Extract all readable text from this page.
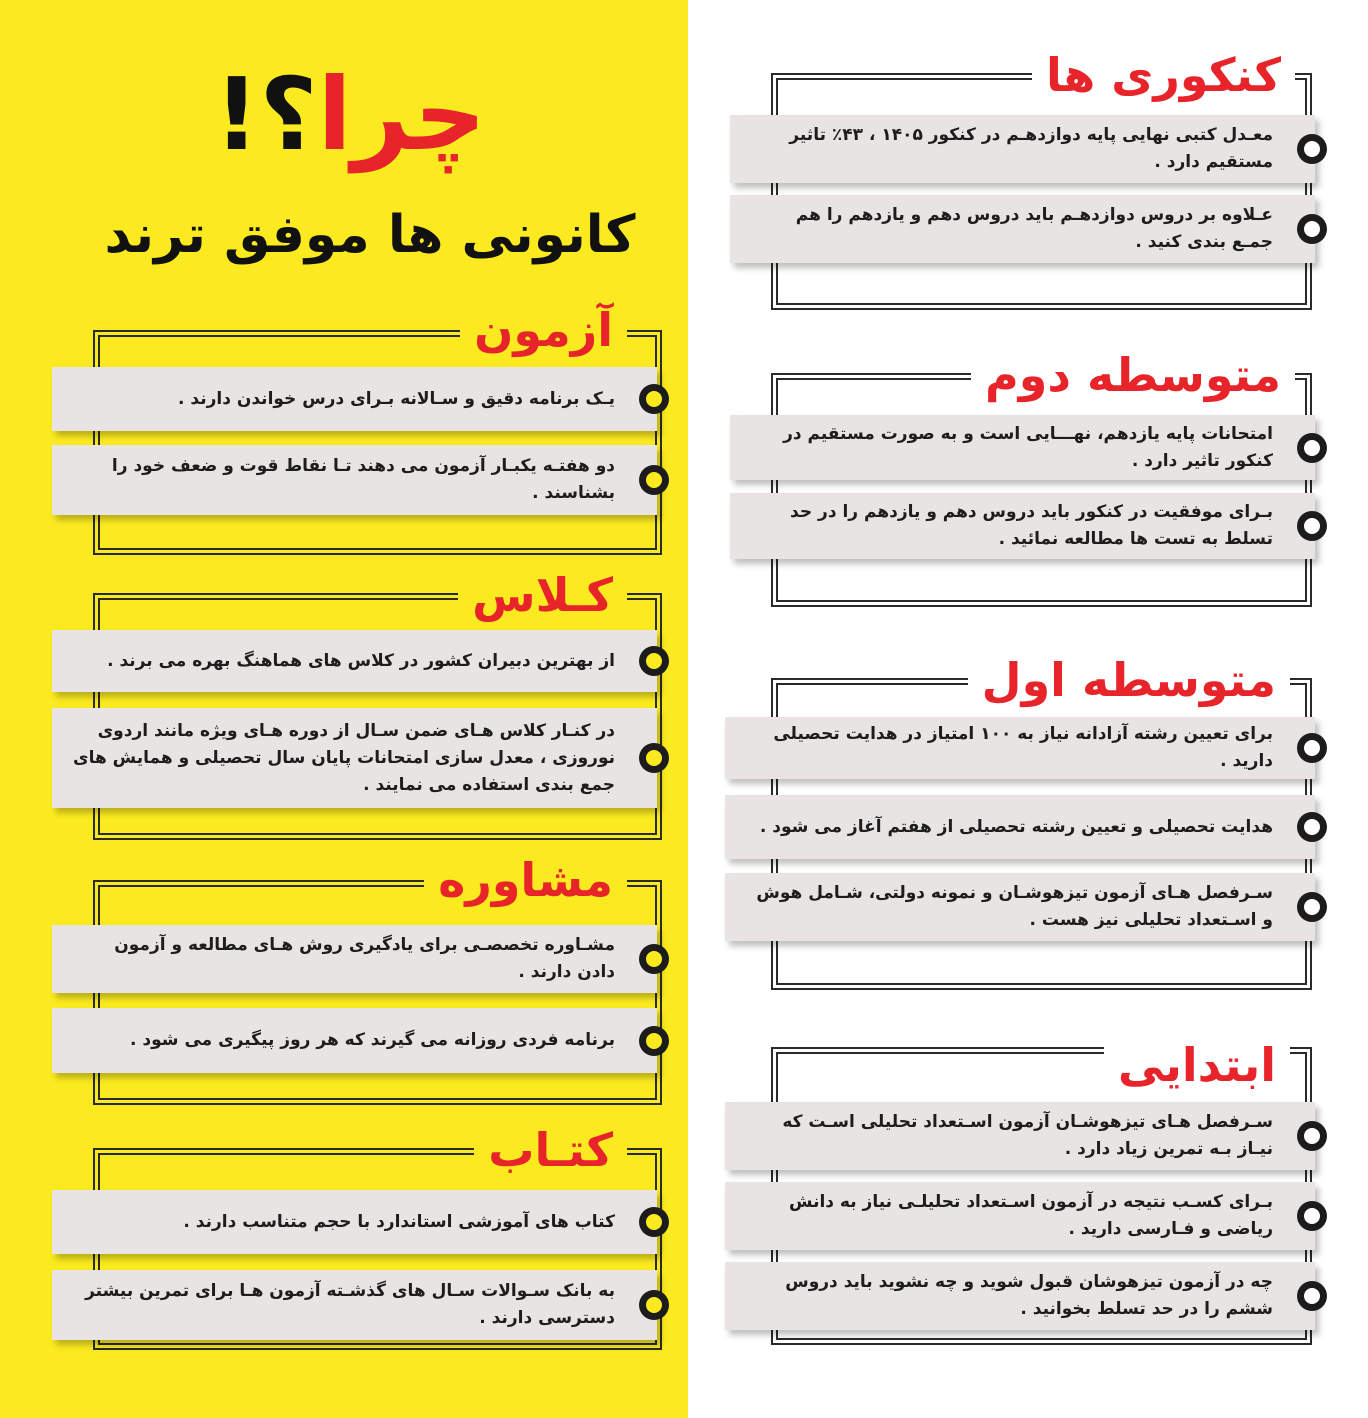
چرا؟!
کانونی ها موفق ترند
آزمون
یـک برنامه دقیق و سـالانه بـرای درس خواندن دارند .
دو هفتـه یکبـار آزمون می دهند تـا نقاط قوت و ضعف خود را بشناسند .
کـلاس
از بهترین دبیران کشور در کلاس های هماهنگ بهره می برند .
در کنـار کلاس هـای ضمن سـال از دوره هـای ویژه مانند اردوی نوروزی ، معدل سازی امتحانات پایان سال تحصیلی و همایش های جمع بندی استفاده می نمایند .
مشاوره
مشـاوره تخصصـی برای یادگیری روش هـای مطالعه و آزمون دادن دارند .
برنامه فردی روزانه می گیرند که هر روز پیگیری می شود .
کتـاب
کتاب های آموزشی استاندارد با حجم متناسب دارند .
به بانک سـوالات سـال های گذشـته آزمون هـا برای تمرین بیشتر دسترسی دارند .
کنکوری ها
معـدل کتبی نهایی پایه دوازدهـم در کنکور ۱۴۰۵ ، ۴۳٪ تاثیر مستقیم دارد .
عـلاوه بر دروس دوازدهـم باید دروس دهم و یازدهم را هم جمـع بندی کنید .
متوسطه دوم
امتحانات پایه یازدهم، نهـــایی است و به صورت مستقیم در کنکور تاثیر دارد .
بـرای موفقیت در کنکور باید دروس دهم و یازدهم را در حد تسلط به تست ها مطالعه نمائید .
متوسطه اول
برای تعیین رشته آزادانه نیاز به ۱۰۰ امتیاز در هدایت تحصیلی دارید .
هدایت تحصیلی و تعیین رشته تحصیلی از هفتم آغاز می شود .
سـرفصل هـای آزمون تیزهوشـان و نمونه دولتی، شـامل هوش و اسـتعداد تحلیلی نیز هست .
ابتدایی
سـرفصل هـای تیزهوشـان آزمون اسـتعداد تحلیلی اسـت که نیـاز بـه تمرین زیاد دارد .
بـرای کسـب نتیجه در آزمون اسـتعداد تحلیلـی نیاز به دانش ریاضی و فـارسی دارید .
چه در آزمون تیزهوشان قبول شوید و چه نشوید باید دروس ششم را در حد تسلط بخوانید .
